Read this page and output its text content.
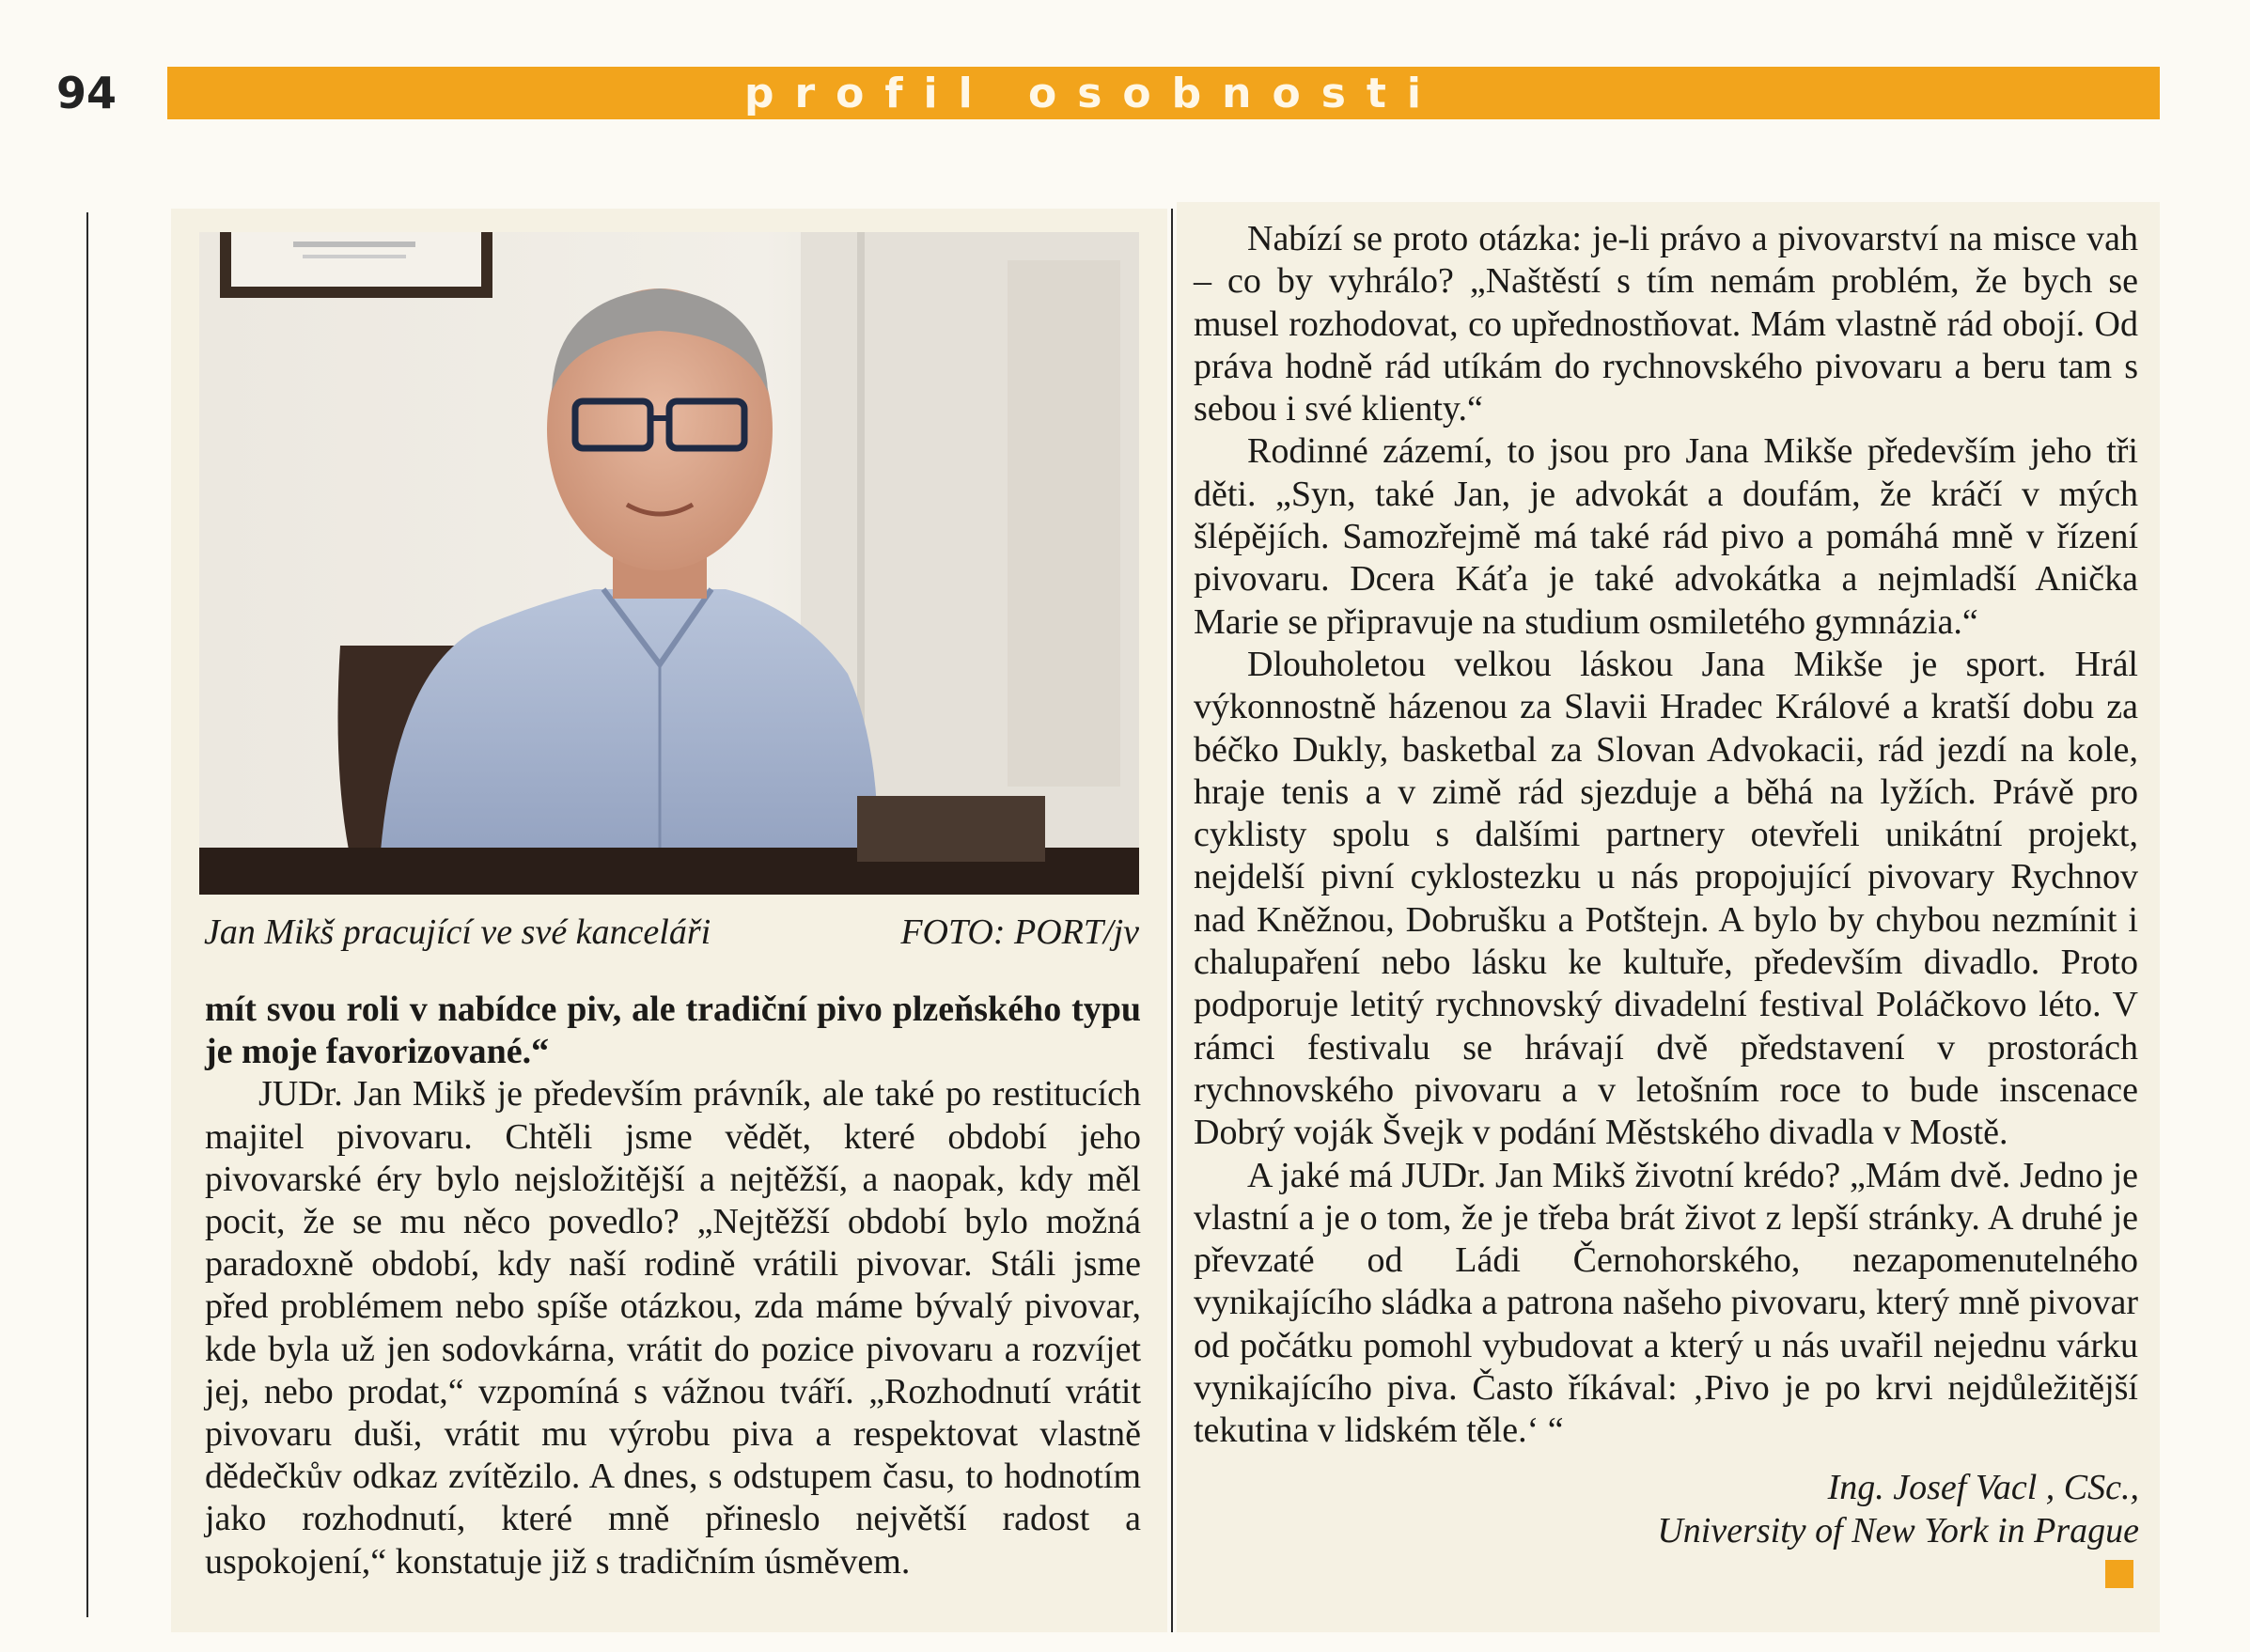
94	profil osobnosti
Jan Mikš pracující ve své kanceláři	FOTO: PORT/jv

mít svou roli v nabídce piv, ale tradiční pivo plzeňského typu je moje favorizované.“

JUDr. Jan Mikš je především právník, ale také po restitucích majitel pivovaru. Chtěli jsme vědět, které období jeho pivovarské éry bylo nejsložitější a nejtěžší, a naopak, kdy měl pocit, že se mu něco povedlo? „Nejtěžší období bylo možná paradoxně období, kdy naší rodině vrátili pivovar. Stáli jsme před problémem nebo spíše otázkou, zda máme bývalý pivovar, kde byla už jen sodovkárna, vrátit do pozice pivovaru a rozvíjet jej, nebo prodat,“ vzpomíná s vážnou tváří. „Rozhodnutí vrátit pivovaru duši, vrátit mu výrobu piva a respektovat vlastně dědečkův odkaz zvítězilo. A dnes, s odstupem času, to hodnotím jako rozhodnutí, které mně přineslo největší radost a uspokojení,“ konstatuje již s tradičním úsměvem.

Nabízí se proto otázka: je-li právo a pivovarství na misce vah – co by vyhrálo? „Naštěstí s tím nemám problém, že bych se musel rozhodovat, co upřednostňovat. Mám vlastně rád obojí. Od práva hodně rád utíkám do rychnovského pivovaru a beru tam s sebou i své klienty.“

Rodinné zázemí, to jsou pro Jana Mikše především jeho tři děti. „Syn, také Jan, je advokát a doufám, že kráčí v mých šlépějích. Samozřejmě má také rád pivo a pomáhá mně v řízení pivovaru. Dcera Káťa je také advokátka a nejmladší Anička Marie se připravuje na studium osmiletého gymnázia.“

Dlouholetou velkou láskou Jana Mikše je sport. Hrál výkonnostně házenou za Slavii Hradec Králové a kratší dobu za béčko Dukly, basketbal za Slovan Advokacii, rád jezdí na kole, hraje tenis a v zimě rád sjezduje a běhá na lyžích. Právě pro cyklisty spolu s dalšími partnery otevřeli unikátní projekt, nejdelší pivní cyklostezku u nás propojující pivovary Rychnov nad Kněžnou, Dobrušku a Potštejn. A bylo by chybou nezmínit i chalupaření nebo lásku ke kultuře, především divadlo. Proto podporuje letitý rychnovský divadelní festival Poláčkovo léto. V rámci festivalu se hrávají dvě představení v prostorách rychnovského pivovaru a v letošním roce to bude inscenace Dobrý voják Švejk v podání Městského divadla v Mostě.

A jaké má JUDr. Jan Mikš životní krédo? „Mám dvě. Jedno je vlastní a je o tom, že je třeba brát život z lepší stránky. A druhé je převzaté od Ládi Černohorského, nezapomenutelného vynikajícího sládka a patrona našeho pivovaru, který mně pivovar od počátku pomohl vybudovat a který u nás uvařil nejednu várku vynikajícího piva. Často říkával: ‚Pivo je po krvi nejdůležitější tekutina v lidském těle.‘ “

Ing. Josef Vacl , CSc.,
University of New York in Prague
